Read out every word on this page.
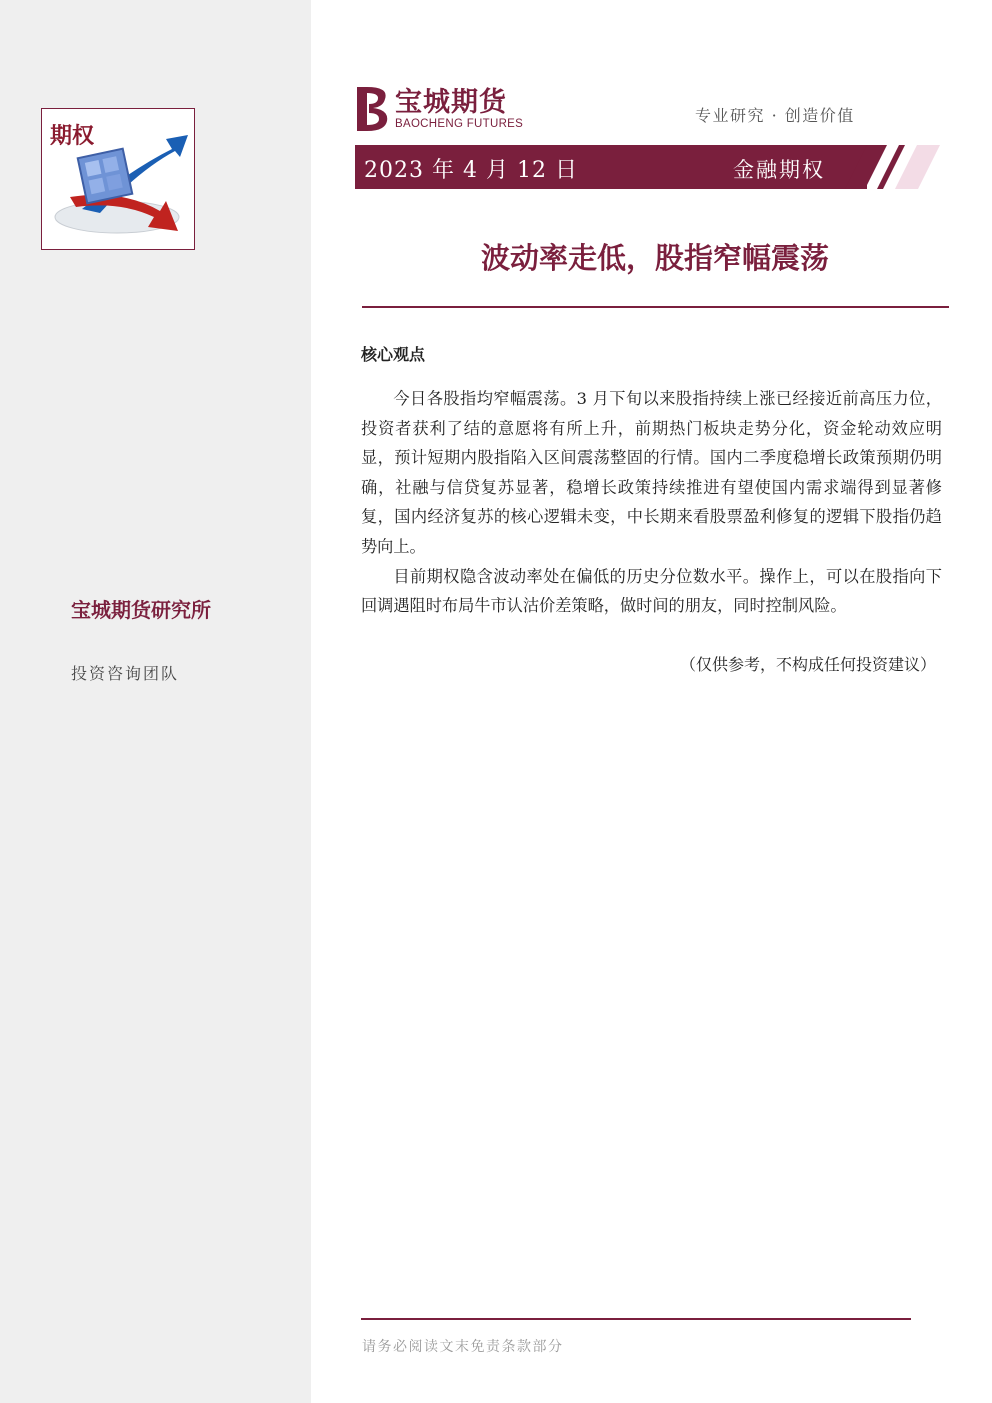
期权
宝城期货研究所
投资咨询团队
宝城期货
BAOCHENG FUTURES	专业研究 · 创造价值
2023 年 4 月 12 日	金融期权
波动率走低，股指窄幅震荡
核心观点

今日各股指均窄幅震荡。3 月下旬以来股指持续上涨已经接近前高压力位，投资者获利了结的意愿将有所上升，前期热门板块走势分化，资金轮动效应明显，预计短期内股指陷入区间震荡整固的行情。国内二季度稳增长政策预期仍明确，社融与信贷复苏显著，稳增长政策持续推进有望使国内需求端得到显著修复，国内经济复苏的核心逻辑未变，中长期来看股票盈利修复的逻辑下股指仍趋势向上。

目前期权隐含波动率处在偏低的历史分位数水平。操作上，可以在股指向下回调遇阻时布局牛市认沽价差策略，做时间的朋友，同时控制风险。

（仅供参考，不构成任何投资建议）
请务必阅读文末免责条款部分
